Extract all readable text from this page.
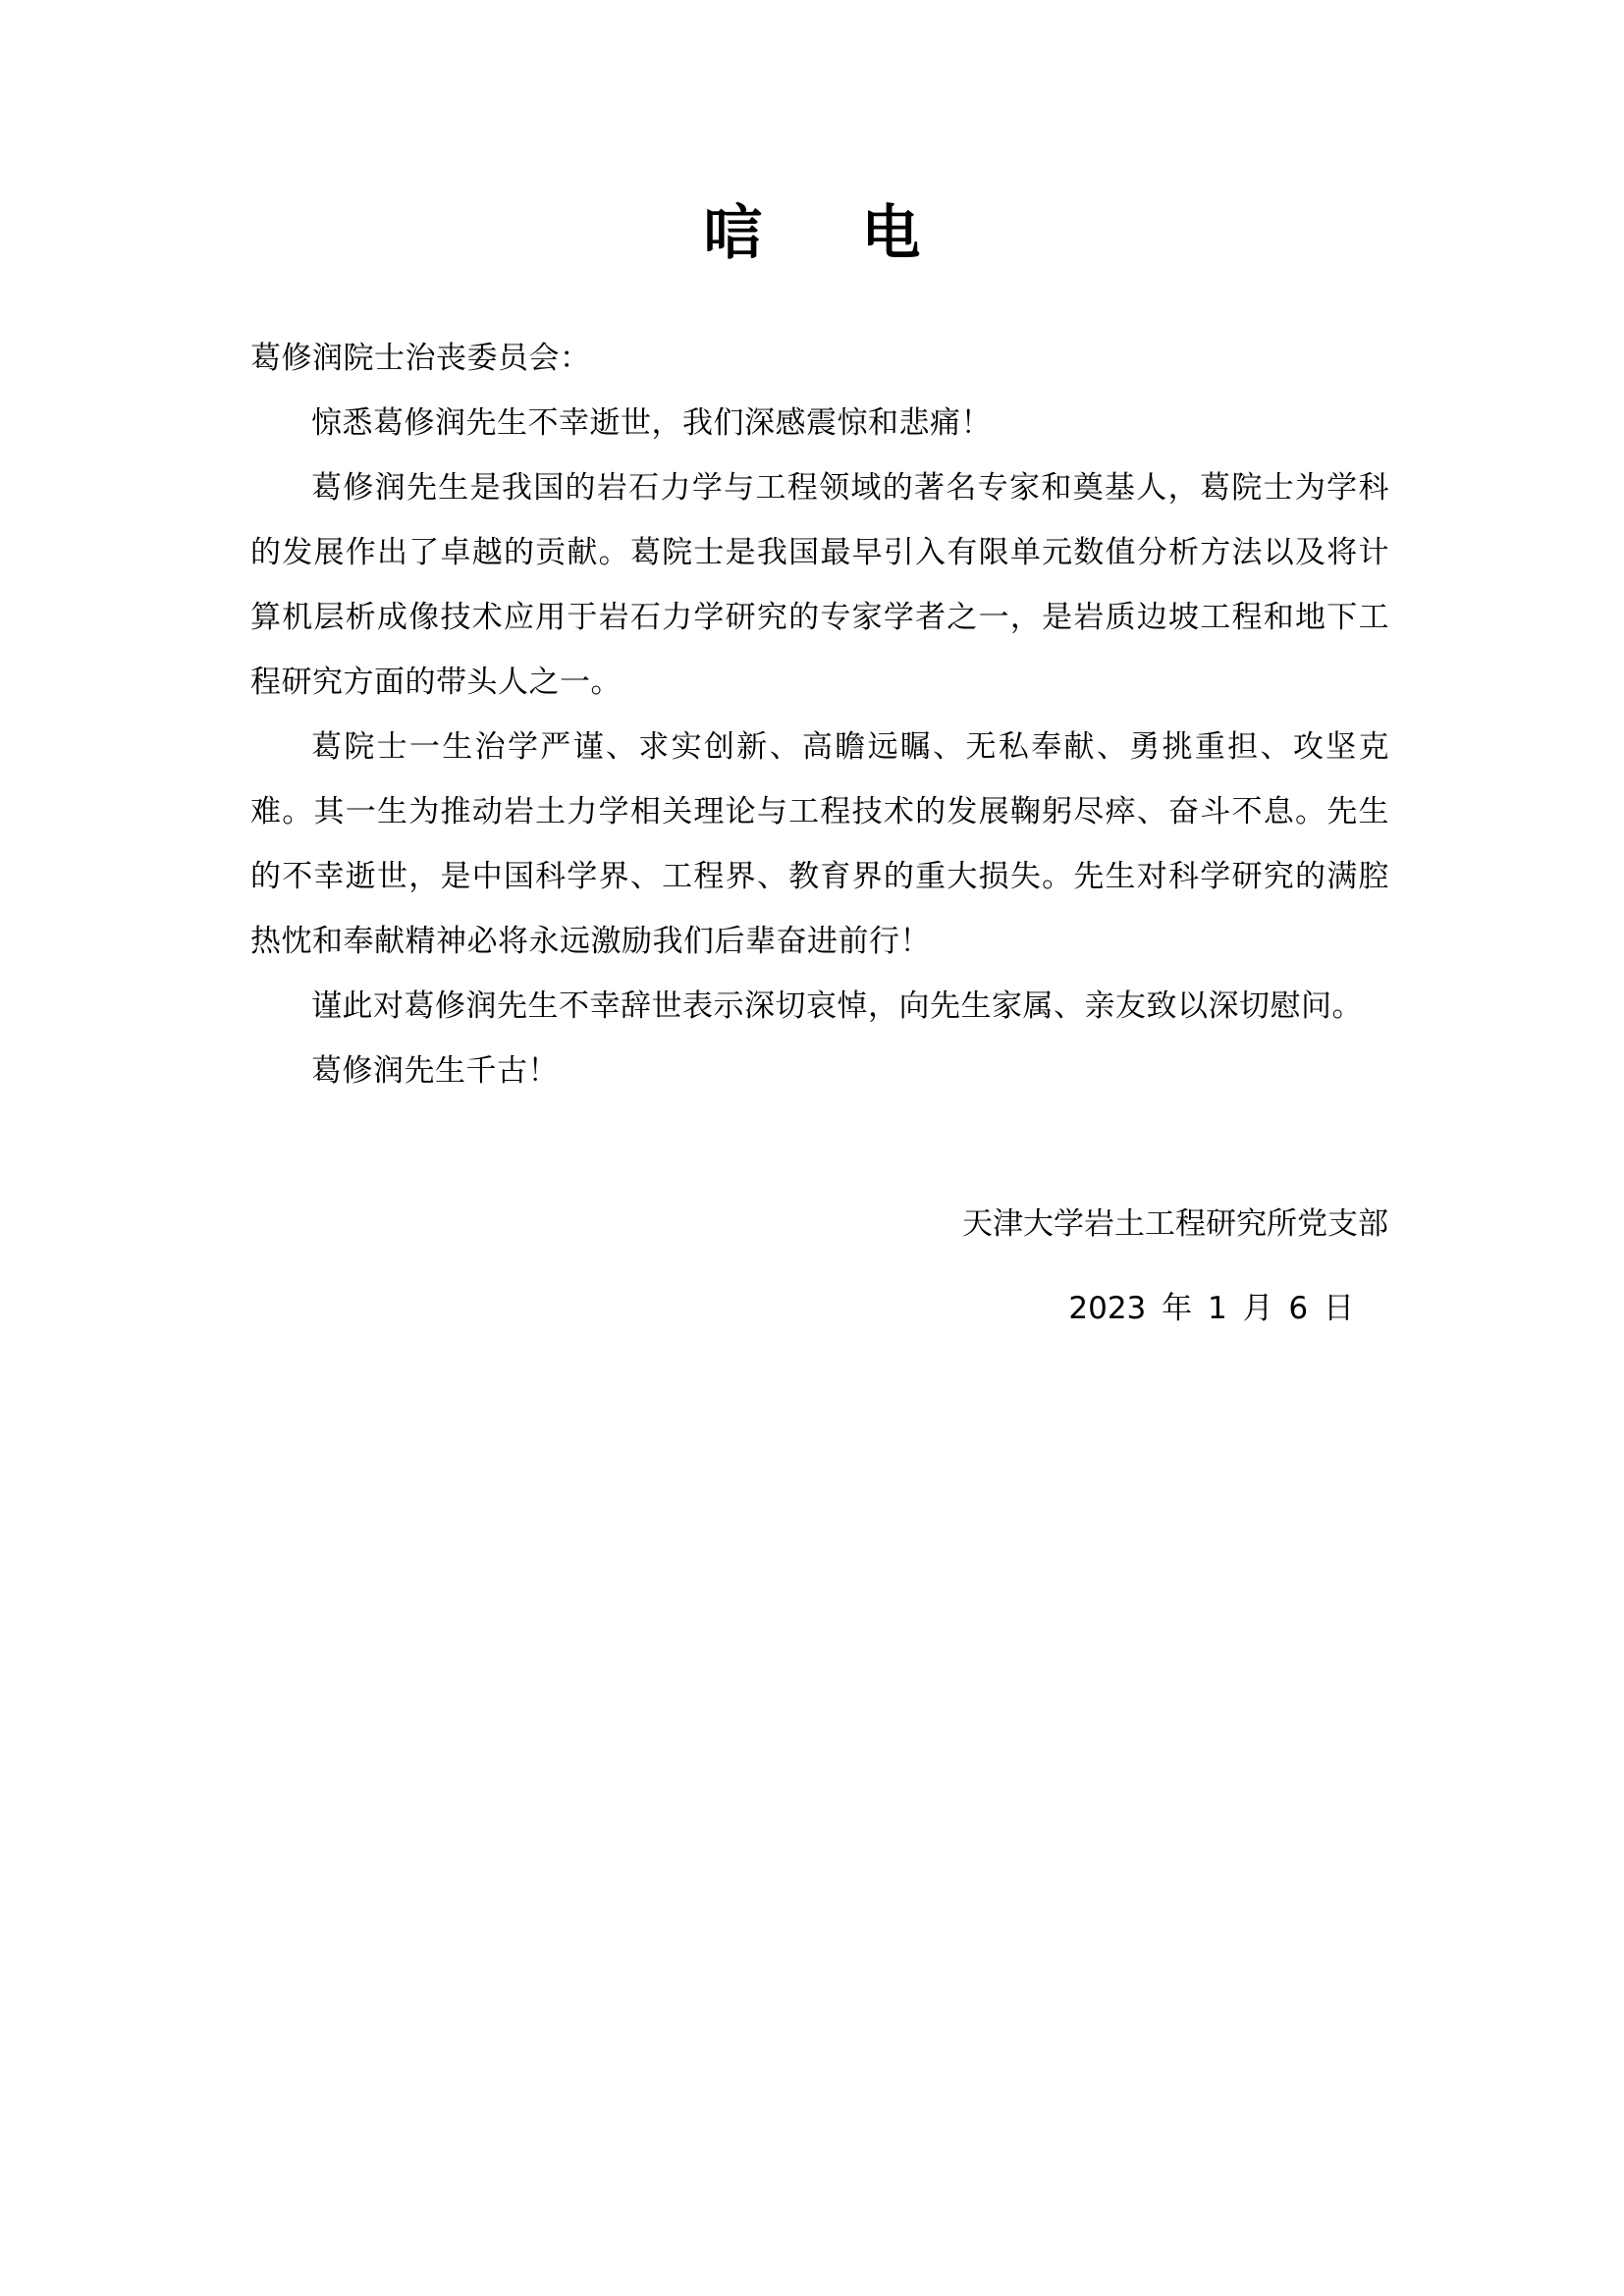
唁 电

葛修润院士治丧委员会：

惊悉葛修润先生不幸逝世，我们深感震惊和悲痛！

葛修润先生是我国的岩石力学与工程领域的著名专家和奠基人，葛院士为学科的发展作出了卓越的贡献。葛院士是我国最早引入有限单元数值分析方法以及将计算机层析成像技术应用于岩石力学研究的专家学者之一，是岩质边坡工程和地下工程研究方面的带头人之一。

葛院士一生治学严谨、求实创新、高瞻远瞩、无私奉献、勇挑重担、攻坚克难。其一生为推动岩土力学相关理论与工程技术的发展鞠躬尽瘁、奋斗不息。先生的不幸逝世，是中国科学界、工程界、教育界的重大损失。先生对科学研究的满腔热忱和奉献精神必将永远激励我们后辈奋进前行！

谨此对葛修润先生不幸辞世表示深切哀悼，向先生家属、亲友致以深切慰问。

葛修润先生千古！

天津大学岩土工程研究所党支部

2023 年 1 月 6 日
